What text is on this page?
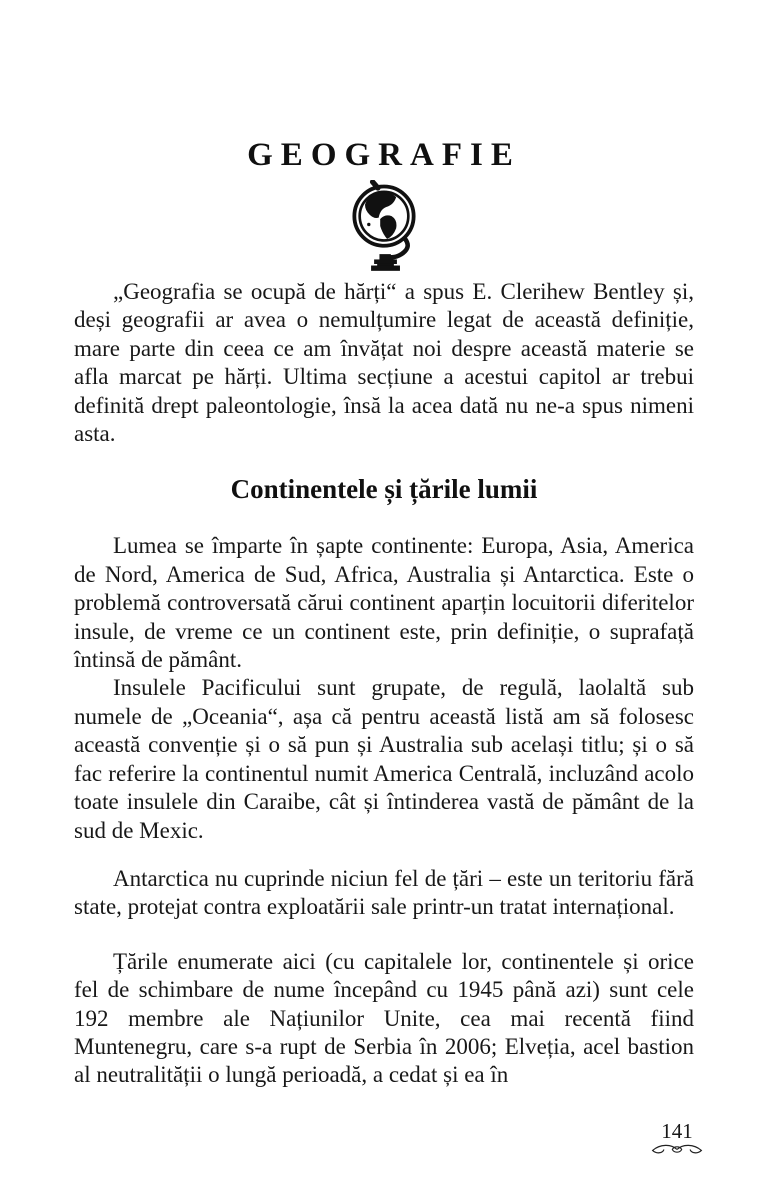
GEOGRAFIE

„Geografia se ocupă de hărți“ a spus E. Clerihew Bentley și, deși geografii ar avea o nemulțumire legat de această definiție, mare parte din ceea ce am învățat noi despre această materie se afla marcat pe hărți. Ultima secțiune a acestui capitol ar trebui definită drept paleontologie, însă la acea dată nu ne-a spus nimeni asta.

Continentele și țările lumii

Lumea se împarte în șapte continente: Europa, Asia, America de Nord, America de Sud, Africa, Australia și Antarctica. Este o problemă controversată cărui continent aparțin locuitorii diferitelor insule, de vreme ce un continent este, prin definiție, o suprafață întinsă de pământ.

Insulele Pacificului sunt grupate, de regulă, laolaltă sub numele de „Oceania“, așa că pentru această listă am să folosesc această convenție și o să pun și Australia sub același titlu; și o să fac referire la continentul numit America Centrală, incluzând acolo toate insulele din Caraibe, cât și întinderea vastă de pământ de la sud de Mexic.

Antarctica nu cuprinde niciun fel de țări – este un teritoriu fără state, protejat contra exploatării sale printr-un tratat internațional.

Țările enumerate aici (cu capitalele lor, continentele și orice fel de schimbare de nume începând cu 1945 până azi) sunt cele 192 membre ale Națiunilor Unite, cea mai recentă fiind Muntenegru, care s-a rupt de Serbia în 2006; Elveția, acel bastion al neutralității o lungă perioadă, a cedat și ea în

141
